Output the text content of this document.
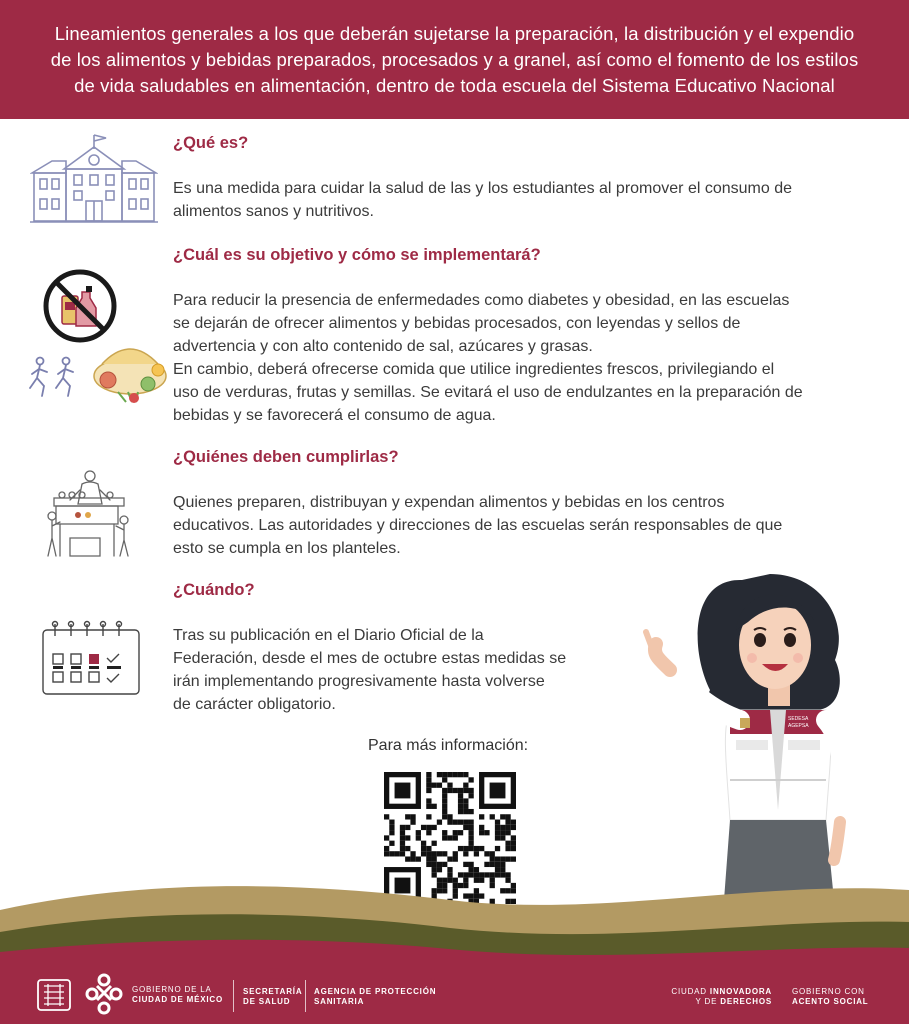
Lineamientos generales a los que deberán sujetarse la preparación, la distribución y el expendio
de los alimentos y bebidas preparados, procesados y a granel, así como el fomento de los estilos
de vida saludables en alimentación, dentro de toda escuela del Sistema Educativo Nacional
¿Qué es?
Es una medida para cuidar la salud de las y los estudiantes al promover el consumo de
alimentos sanos y nutritivos.
¿Cuál es su objetivo y cómo se implementará?
Para reducir la presencia de enfermedades como diabetes y obesidad, en las escuelas
se dejarán de ofrecer alimentos y bebidas procesados, con leyendas y sellos de
advertencia y con alto contenido de sal, azúcares y grasas.
En cambio, deberá ofrecerse comida que utilice ingredientes frescos, privilegiando el
uso de verduras, frutas y semillas. Se evitará el uso de endulzantes en la preparación de
bebidas y se favorecerá el consumo de agua.
¿Quiénes deben cumplirlas?
Quienes preparen, distribuyan y expendan alimentos y bebidas en los centros
educativos. Las autoridades y direcciones de las escuelas serán responsables de que
esto se cumpla en los planteles.
¿Cuándo?
Tras su publicación en el Diario Oficial de la
Federación, desde el mes de octubre estas medidas se
irán implementando progresivamente hasta volverse
de carácter obligatorio.
Para más información:
SEDESA
AGEPSA
GOBIERNO DE LA
CIUDAD DE MÉXICO
SECRETARÍA
DE SALUD
AGENCIA DE PROTECCIÓN
SANITARIA
CIUDAD INNOVADORA
Y DE DERECHOS
GOBIERNO CON
ACENTO SOCIAL
